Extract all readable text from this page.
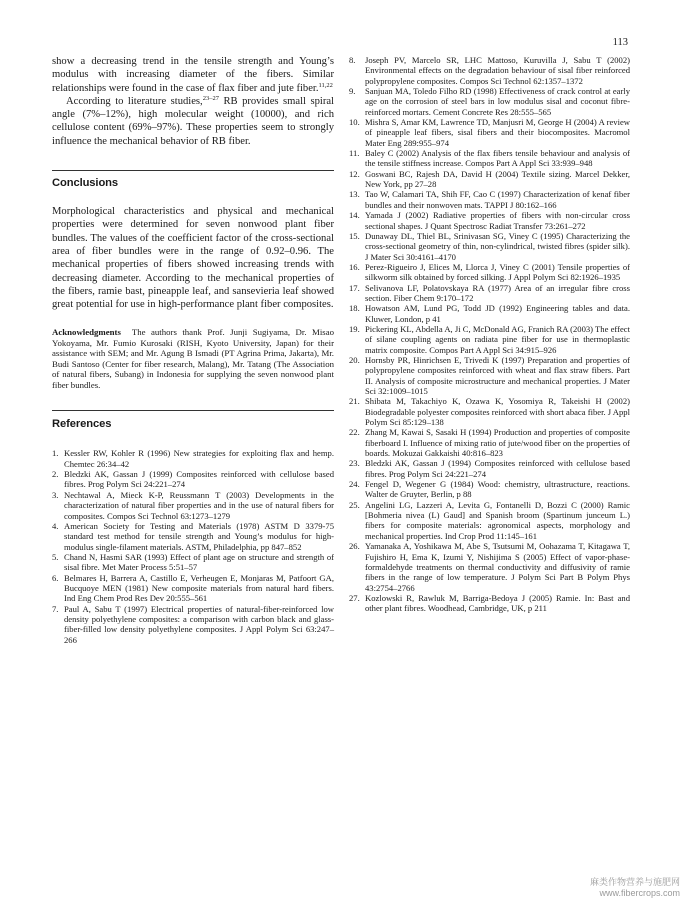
113

show a decreasing trend in the tensile strength and Young’s modulus with increasing diameter of the fibers. Similar relationships were found in the case of flax fiber and jute fiber.$^{11,22}$

According to literature studies,$^{23-27}$ RB provides small spiral angle (7%–12%), high molecular weight (10000), and rich cellulose content (69%–97%). These properties seem to strongly influence the mechanical behavior of RB fiber.

Conclusions

Morphological characteristics and physical and mechanical properties were determined for seven nonwood plant fiber bundles. The values of the coefficient factor of the cross-sectional area of fiber bundles were in the range of 0.92–0.96. The mechanical properties of fibers showed increasing trends with decreasing diameter. According to the mechanical properties of the fibers, ramie bast, pineapple leaf, and sansevieria leaf showed great potential for use in high-performance plant fiber composites.

Acknowledgments The authors thank Prof. Junji Sugiyama, Dr. Misao Yokoyama, Mr. Fumio Kurosaki (RISH, Kyoto University, Japan) for their assistance with SEM; and Mr. Agung B Ismadi (PT Agrina Prima, Jakarta), Mr. Budi Santoso (Center for fiber research, Malang), Mr. Tatang (The Association of natural fibers, Subang) in Indonesia for supplying the seven nonwood plant fiber bundles.

References
1. Kessler RW, Kohler R (1996) New strategies for exploiting flax and hemp. Chemtec 26:34–42
2. Bledzki AK, Gassan J (1999) Composites reinforced with cellulose based fibres. Prog Polym Sci 24:221–274
3. Nechtawal A, Mieck K-P, Reussmann T (2003) Developments in the characterization of natural fiber properties and in the use of natural fibers for composites. Compos Sci Technol 63:1273–1279
4. American Society for Testing and Materials (1978) ASTM D 3379-75 standard test method for tensile strength and Young’s modulus for high-modulus single-filament materials. ASTM, Philadelphia, pp 847–852
5. Chand N, Hasmi SAR (1993) Effect of plant age on structure and strength of sisal fibre. Met Mater Process 5:51–57
6. Belmares H, Barrera A, Castillo E, Verheugen E, Monjaras M, Patfoort GA, Bucquoye MEN (1981) New composite materials from natural hard fibers. Ind Eng Chem Prod Res Dev 20:555–561
7. Paul A, Sabu T (1997) Electrical properties of natural-fiber-reinforced low density polyethylene composites: a comparison with carbon black and glass-fiber-filled low density polyethylene composites. J Appl Polym Sci 63:247–266
8. Joseph PV, Marcelo SR, LHC Mattoso, Kuruvilla J, Sabu T (2002) Environmental effects on the degradation behaviour of sisal fiber reinforced polypropylene composites. Compos Sci Technol 62:1357–1372
9. Sanjuan MA, Toledo Filho RD (1998) Effectiveness of crack control at early age on the corrosion of steel bars in low modulus sisal and coconut fibre-reinforced mortars. Cement Concrete Res 28:555–565
10. Mishra S, Amar KM, Lawrence TD, Manjusri M, George H (2004) A review of pineapple leaf fibers, sisal fibers and their biocomposites. Macromol Mater Eng 289:955–974
11. Baley C (2002) Analysis of the flax fibers tensile behaviour and analysis of the tensile stiffness increase. Compos Part A Appl Sci 33:939–948
12. Goswani BC, Rajesh DA, David H (2004) Textile sizing. Marcel Dekker, New York, pp 27–28
13. Tao W, Calamari TA, Shih FF, Cao C (1997) Characterization of kenaf fiber bundles and their nonwoven mats. TAPPI J 80:162–166
14. Yamada J (2002) Radiative properties of fibers with non-circular cross sectional shapes. J Quant Spectrosc Radiat Transfer 73:261–272
15. Dunaway DL, Thiel BL, Srinivasan SG, Viney C (1995) Characterizing the cross-sectional geometry of thin, non-cylindrical, twisted fibres (spider silk). J Mater Sci 30:4161–4170
16. Perez-Rigueiro J, Elices M, Llorca J, Viney C (2001) Tensile properties of silkworm silk obtained by forced silking. J Appl Polym Sci 82:1926–1935
17. Selivanova LF, Polatovskaya RA (1977) Area of an irregular fibre cross section. Fiber Chem 9:170–172
18. Howatson AM, Lund PG, Todd JD (1992) Engineering tables and data. Kluwer, London, p 41
19. Pickering KL, Abdella A, Ji C, McDonald AG, Franich RA (2003) The effect of silane coupling agents on radiata pine fiber for use in thermoplastic matrix composite. Compos Part A Appl Sci 34:915–926
20. Hornsby PR, Hinrichsen E, Trivedi K (1997) Preparation and properties of polypropylene composites reinforced with wheat and flax straw fibers. Part II. Analysis of composite microstructure and mechanical properties. J Mater Sci 32:1009–1015
21. Shibata M, Takachiyo K, Ozawa K, Yosomiya R, Takeishi H (2002) Biodegradable polyester composites reinforced with short abaca fiber. J Appl Polym Sci 85:129–138
22. Zhang M, Kawai S, Sasaki H (1994) Production and properties of composite fiberboard I. Influence of mixing ratio of jute/wood fiber on the properties of boards. Mokuzai Gakkaishi 40:816–823
23. Bledzki AK, Gassan J (1994) Composites reinforced with cellulose based fibres. Prog Polym Sci 24:221–274
24. Fengel D, Wegener G (1984) Wood: chemistry, ultrastructure, reactions. Walter de Gruyter, Berlin, p 88
25. Angelini LG, Lazzeri A, Levita G, Fontanelli D, Bozzi C (2000) Ramic [Bohmeria nivea (L) Gaud] and Spanish broom (Spartinum junceum L.) fibers for composite materials: agronomical aspects, morphology and mechanical properties. Ind Crop Prod 11:145–161
26. Yamanaka A, Yoshikawa M, Abe S, Tsutsumi M, Oohazama T, Kitagawa T, Fujishiro H, Ema K, Izumi Y, Nishijima S (2005) Effect of vapor-phase-formaldehyde treatments on thermal conductivity and diffusivity of ramie fibers in the range of low temperature. J Polym Sci Part B Polym Phys 43:2754–2766
27. Kozlowski R, Rawluk M, Barriga-Bedoya J (2005) Ramie. In: Bast and other plant fibres. Woodhead, Cambridge, UK, p 211
麻类作物营养与施肥网
www.fibercrops.com
